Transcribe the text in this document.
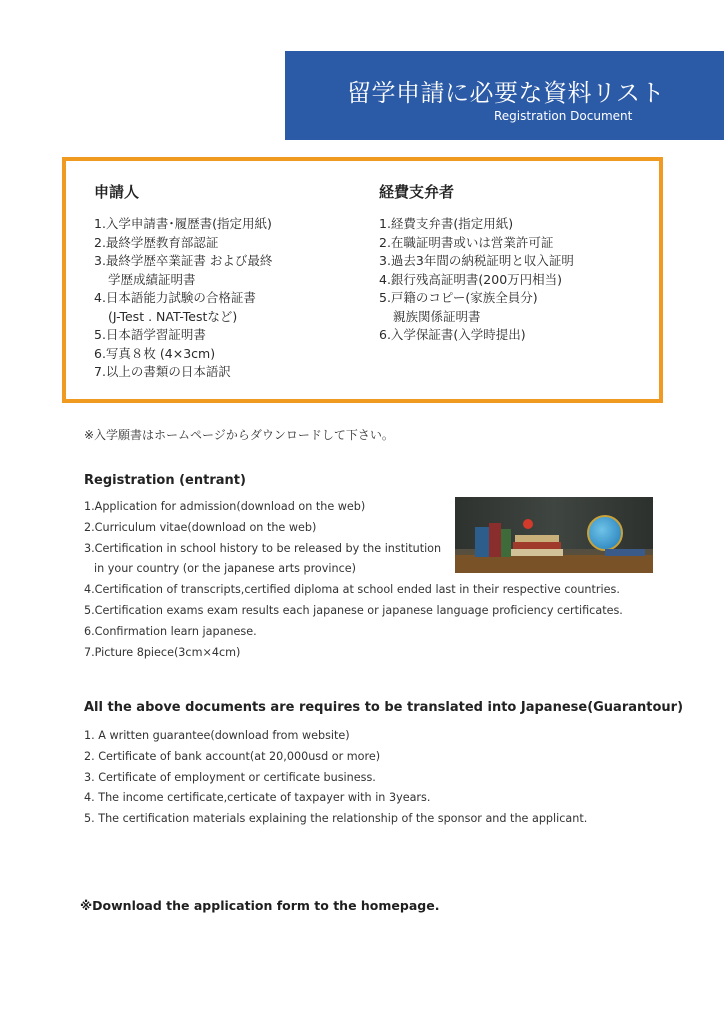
留学申請に必要な資料リスト
Registration Document
申請人
1.入学申請書･履歴書(指定用紙)
2.最終学歴教育部認証
3.最終学歴卒業証書 および最終
学歴成績証明書
4.日本語能力試験の合格証書
(J-Test . NAT-Testなど)
5.日本語学習証明書
6.写真８枚 (4×3cm)
7.以上の書類の日本語訳
経費支弁者
1.経費支弁書(指定用紙)
2.在職証明書或いは営業許可証
3.過去3年間の納税証明と収入証明
4.銀行残高証明書(200万円相当)
5.戸籍のコピー(家族全員分)
親族関係証明書
6.入学保証書(入学時提出)
※入学願書はホームページからダウンロードして下さい。
Registration (entrant)
1.Application for admission(download on the web)
2.Curriculum vitae(download on the web)
3.Certification in school history to be released by the institution
in your country (or the japanese arts province)
4.Certification of transcripts,certified diploma at school ended last in their respective countries.
5.Certification exams exam results each japanese or japanese language proficiency certificates.
6.Confirmation learn japanese.
7.Picture 8piece(3cm×4cm)
All the above documents are requires to be translated into Japanese(Guarantour)
1. A written guarantee(download from website)
2. Certificate of bank account(at 20,000usd or more)
3. Certificate of employment or certificate business.
4. The income certificate,certicate of taxpayer with in 3years.
5. The certification materials explaining the relationship of the sponsor and the applicant.
※Download the application form to the homepage.
